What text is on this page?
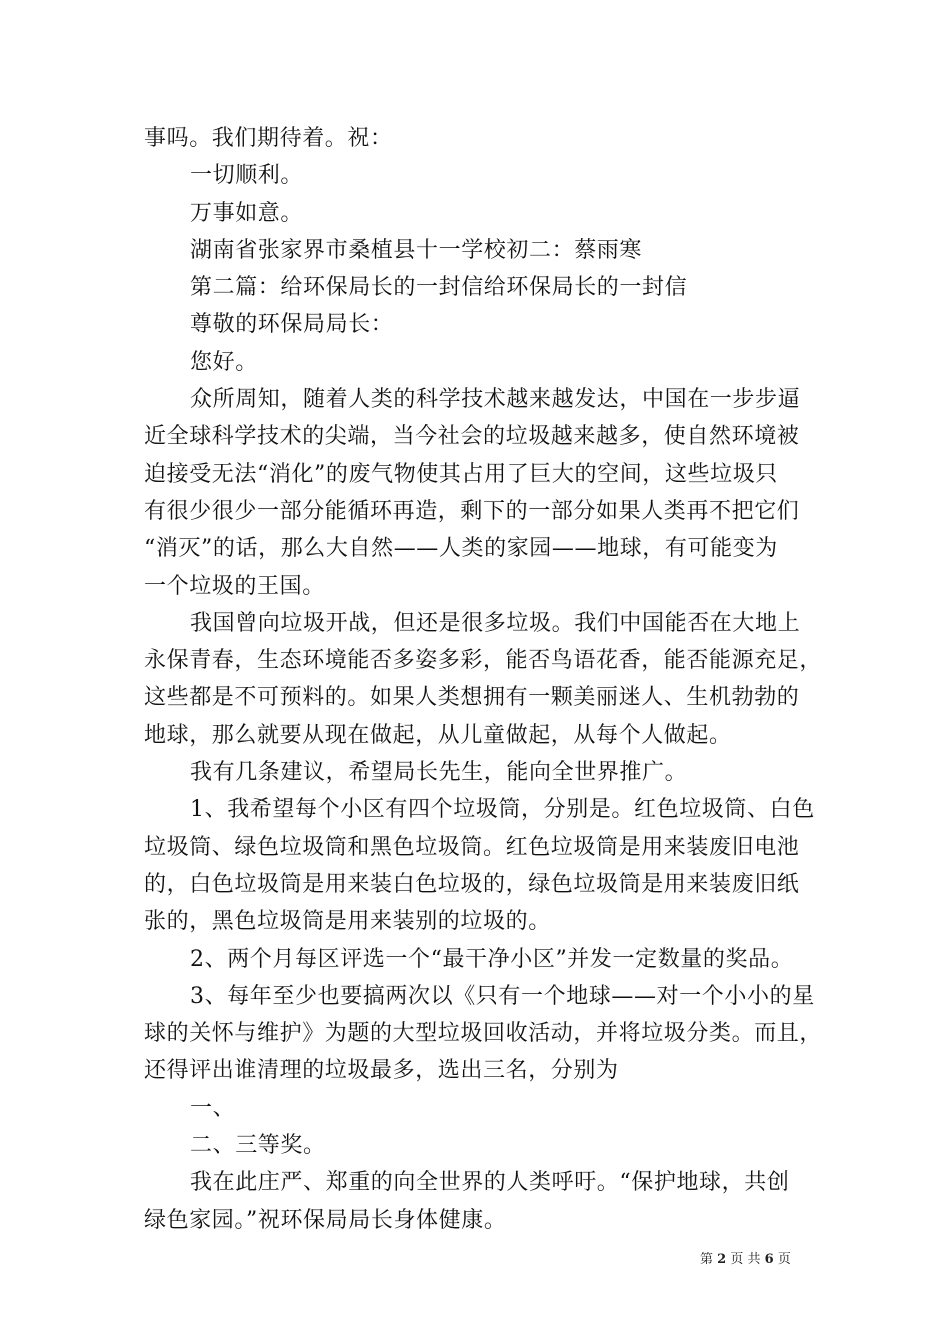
事吗。我们期待着。祝：
一切顺利。
万事如意。
湖南省张家界市桑植县十一学校初二：蔡雨寒
第二篇：给环保局长的一封信给环保局长的一封信
尊敬的环保局局长：
您好。
众所周知，随着人类的科学技术越来越发达，中国在一步步逼
近全球科学技术的尖端，当今社会的垃圾越来越多，使自然环境被
迫接受无法“消化”的废气物使其占用了巨大的空间，这些垃圾只
有很少很少一部分能循环再造，剩下的一部分如果人类再不把它们
“消灭”的话，那么大自然——人类的家园——地球，有可能变为
一个垃圾的王国。
我国曾向垃圾开战，但还是很多垃圾。我们中国能否在大地上
永保青春，生态环境能否多姿多彩，能否鸟语花香，能否能源充足，
这些都是不可预料的。如果人类想拥有一颗美丽迷人、生机勃勃的
地球，那么就要从现在做起，从儿童做起，从每个人做起。
我有几条建议，希望局长先生，能向全世界推广。
1、我希望每个小区有四个垃圾筒，分别是。红色垃圾筒、白色
垃圾筒、绿色垃圾筒和黑色垃圾筒。红色垃圾筒是用来装废旧电池
的，白色垃圾筒是用来装白色垃圾的，绿色垃圾筒是用来装废旧纸
张的，黑色垃圾筒是用来装别的垃圾的。
2、两个月每区评选一个“最干净小区”并发一定数量的奖品。
3、每年至少也要搞两次以《只有一个地球——对一个小小的星
球的关怀与维护》为题的大型垃圾回收活动，并将垃圾分类。而且，
还得评出谁清理的垃圾最多，选出三名，分别为
一、
二、三等奖。
我在此庄严、郑重的向全世界的人类呼吁。“保护地球，共创
绿色家园。”祝环保局局长身体健康。
第 2 页 共 6 页
